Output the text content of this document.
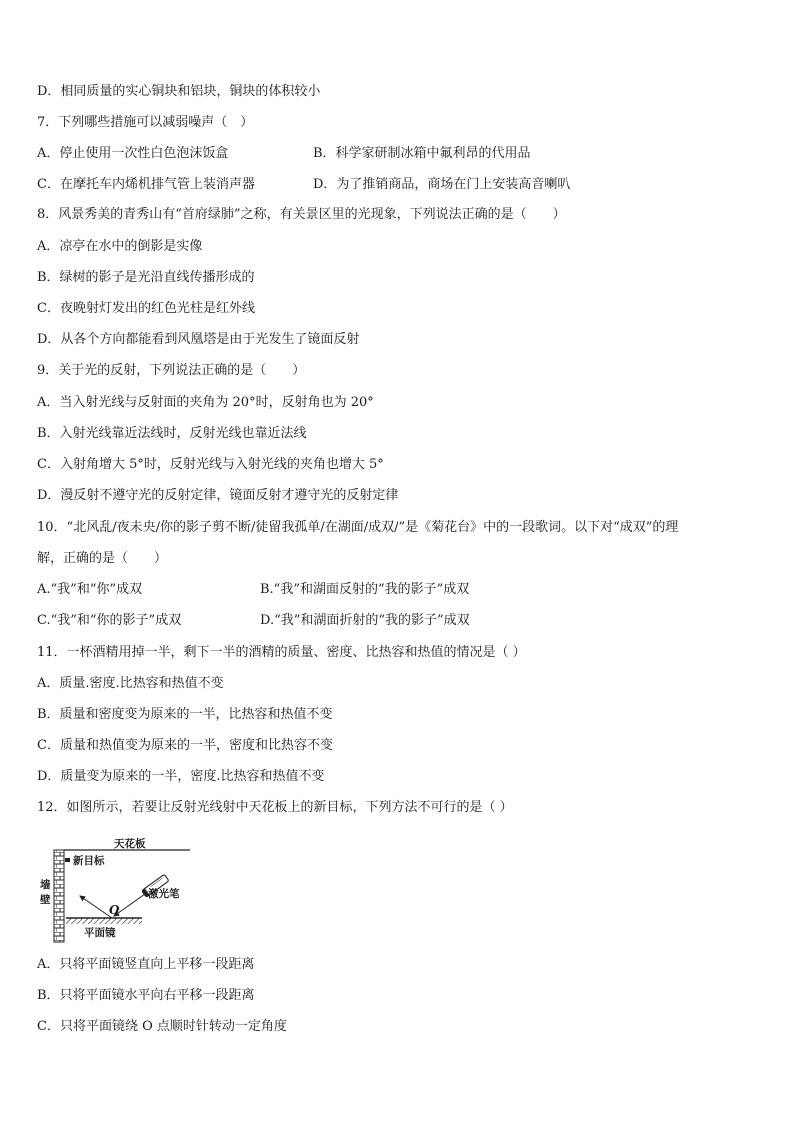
D．相同质量的实心铜块和铝块，铜块的体积较小
7．下列哪些措施可以减弱噪声（　）
A．停止使用一次性白色泡沫饭盒	B．科学家研制冰箱中氟利昂的代用品
C．在摩托车内烯机排气管上装消声器	D．为了推销商品，商场在门上安装高音喇叭
8．风景秀美的青秀山有“首府绿肺”之称，有关景区里的光现象，下列说法正确的是（　　）
A．凉亭在水中的倒影是实像
B．绿树的影子是光沿直线传播形成的
C．夜晚射灯发出的红色光柱是红外线
D．从各个方向都能看到风凰塔是由于光发生了镜面反射
9．关于光的反射，下列说法正确的是（　　）
A．当入射光线与反射面的夹角为 20°时，反射角也为 20°
B．入射光线靠近法线时，反射光线也靠近法线
C．入射角增大 5°时，反射光线与入射光线的夹角也增大 5°
D．漫反射不遵守光的反射定律，镜面反射才遵守光的反射定律
10．“北风乱/夜未央/你的影子剪不断/徒留我孤单/在湖面/成双/”是《菊花台》中的一段歌词。以下对“成双”的理
解，正确的是（　　）
A.“我”和“你”成双	B.“我”和湖面反射的“我的影子”成双
C.“我”和“你的影子”成双	D.“我”和湖面折射的“我的影子”成双
11．一杯酒精用掉一半，剩下一半的酒精的质量、密度、比热容和热值的情况是（ ）
A．质量.密度.比热容和热值不变
B．质量和密度变为原来的一半，比热容和热值不变
C．质量和热值变为原来的一半，密度和比热容不变
D．质量变为原来的一半，密度.比热容和热值不变
12．如图所示，若要让反射光线射中天花板上的新目标，下列方法不可行的是（ ）
天花板
新目标
墙
壁
平面镜
O
激光笔
A．只将平面镜竖直向上平移一段距离
B．只将平面镜水平向右平移一段距离
C．只将平面镜绕 O 点顺时针转动一定角度
